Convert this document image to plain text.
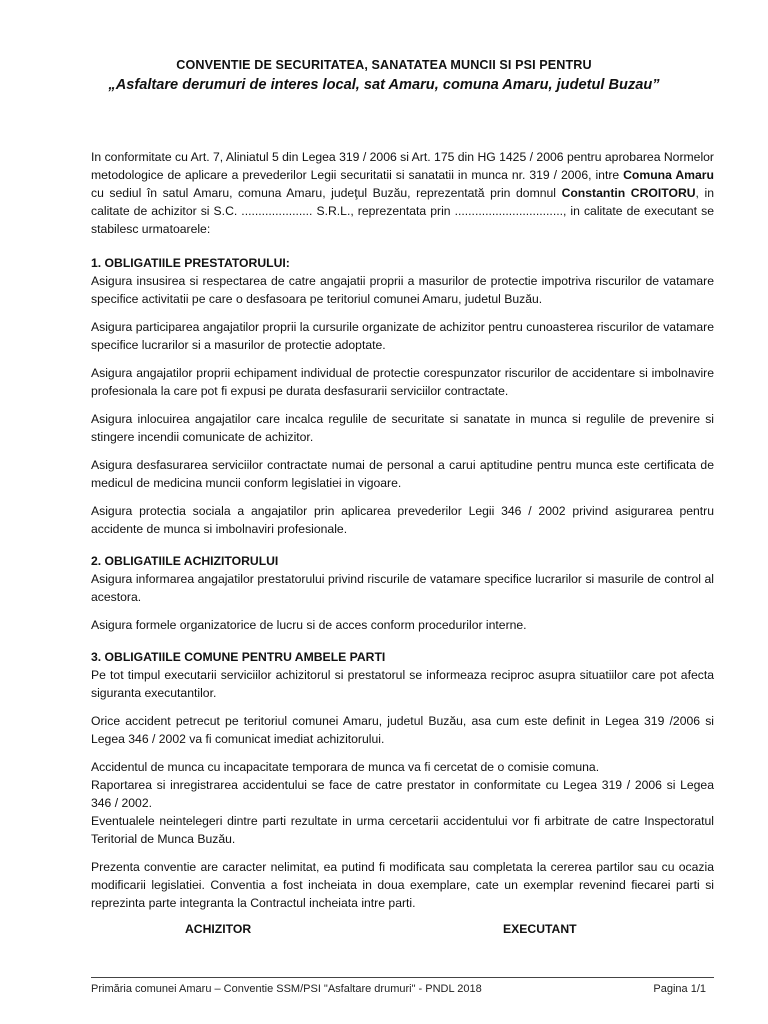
CONVENTIE DE SECURITATEA, SANATATEA MUNCII SI PSI PENTRU
„Asfaltare derumuri de interes local, sat Amaru, comuna Amaru, judetul Buzau”

In conformitate cu Art. 7, Aliniatul 5 din Legea 319 / 2006 si Art. 175 din HG 1425 / 2006 pentru aprobarea Normelor metodologice de aplicare a prevederilor Legii securitatii si sanatatii in munca nr. 319 / 2006, intre Comuna Amaru cu sediul în satul Amaru, comuna Amaru, judeţul Buzău, reprezentată prin domnul Constantin CROITORU, in calitate de achizitor si S.C. ..................... S.R.L., reprezentata prin ................................, in calitate de executant se stabilesc urmatoarele:

1. OBLIGATIILE PRESTATORULUI:
Asigura insusirea si respectarea de catre angajatii proprii a masurilor de protectie impotriva riscurilor de vatamare specifice activitatii pe care o desfasoara pe teritoriul comunei Amaru, judetul Buzău.

Asigura participarea angajatilor proprii la cursurile organizate de achizitor pentru cunoasterea riscurilor de vatamare specifice lucrarilor si a masurilor de protectie adoptate.

Asigura angajatilor proprii echipament individual de protectie corespunzator riscurilor de accidentare si imbolnavire profesionala la care pot fi expusi pe durata desfasurarii serviciilor contractate.

Asigura inlocuirea angajatilor care incalca regulile de securitate si sanatate in munca si regulile de prevenire si stingere incendii comunicate de achizitor.

Asigura desfasurarea serviciilor contractate numai de personal a carui aptitudine pentru munca este certificata de medicul de medicina muncii conform legislatiei in vigoare.

Asigura protectia sociala a angajatilor prin aplicarea prevederilor Legii 346 / 2002 privind asigurarea pentru accidente de munca si imbolnaviri profesionale.

2. OBLIGATIILE ACHIZITORULUI
Asigura informarea angajatilor prestatorului privind riscurile de vatamare specifice lucrarilor si masurile de control al acestora.

Asigura formele organizatorice de lucru si de acces conform procedurilor interne.

3. OBLIGATIILE COMUNE PENTRU AMBELE PARTI
Pe tot timpul executarii serviciilor achizitorul si prestatorul se informeaza reciproc asupra situatiilor care pot afecta siguranta executantilor.

Orice accident petrecut pe teritoriul comunei Amaru, judetul Buzău, asa cum este definit in Legea 319 /2006 si Legea 346 / 2002 va fi comunicat imediat achizitorului.

Accidentul de munca cu incapacitate temporara de munca va fi cercetat de o comisie comuna.
Raportarea si inregistrarea accidentului se face de catre prestator in conformitate cu Legea 319 / 2006 si Legea 346 / 2002.
Eventualele neintelegeri dintre parti rezultate in urma cercetarii accidentului vor fi arbitrate de catre Inspectoratul Teritorial de Munca Buzău.

Prezenta conventie are caracter nelimitat, ea putind fi modificata sau completata la cererea partilor sau cu ocazia modificarii legislatiei. Conventia a fost incheiata in doua exemplare, cate un exemplar revenind fiecarei parti si reprezinta parte integranta la Contractul incheiata intre parti.

ACHIZITOR	EXECUTANT
Primăria comunei Amaru – Conventie SSM/PSI "Asfaltare drumuri" - PNDL 2018	Pagina 1/1
